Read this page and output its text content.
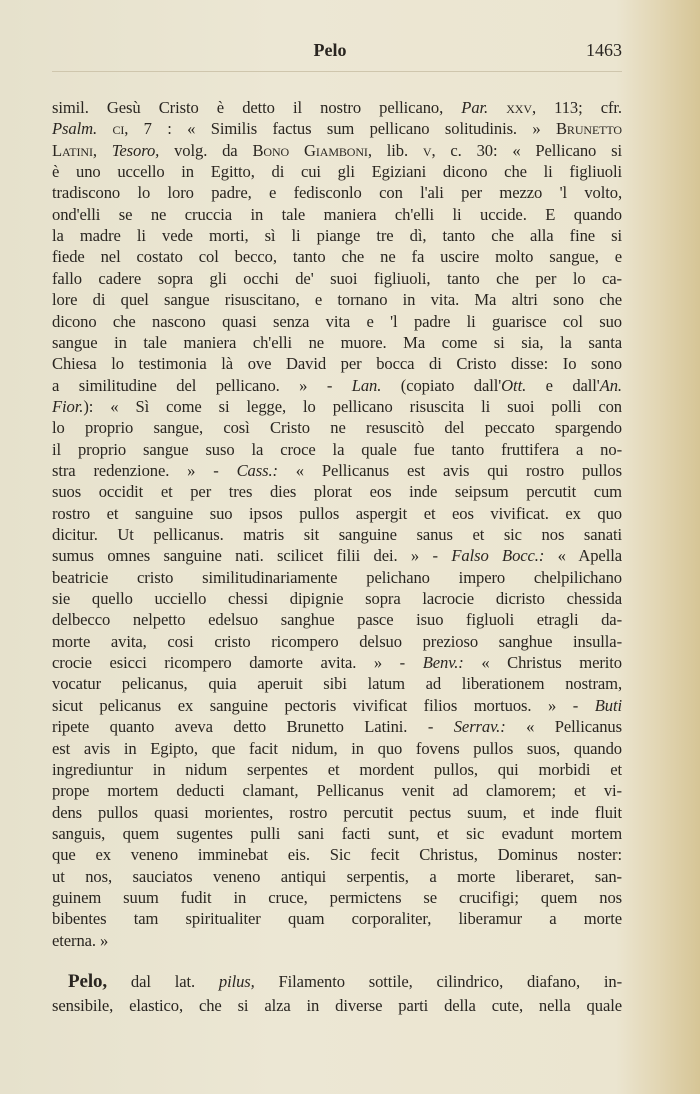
Pelo	1463
simil. Gesù Cristo è detto il nostro pellicano, Par. xxv, 113; cfr.
Psalm. ci, 7 : « Similis factus sum pellicano solitudinis. » Brunetto
Latini, Tesoro, volg. da Bono Giamboni, lib. v, c. 30: « Pellicano si
è uno uccello in Egitto, di cui gli Egiziani dicono che li figliuoli
tradiscono lo loro padre, e fedisconlo con l'ali per mezzo 'l volto,
ond'elli se ne cruccia in tale maniera ch'elli li uccide. E quando
la madre li vede morti, sì li piange tre dì, tanto che alla fine si
fiede nel costato col becco, tanto che ne fa uscire molto sangue, e
fallo cadere sopra gli occhi de' suoi figliuoli, tanto che per lo ca-
lore di quel sangue risuscitano, e tornano in vita. Ma altri sono che
dicono che nascono quasi senza vita e 'l padre li guarisce col suo
sangue in tale maniera ch'elli ne muore. Ma come si sia, la santa
Chiesa lo testimonia là ove David per bocca di Cristo disse: Io sono
a similitudine del pellicano. » - Lan. (copiato dall'Ott. e dall'An.
Fior.): « Sì come si legge, lo pellicano risuscita li suoi polli con
lo proprio sangue, così Cristo ne resuscitò del peccato spargendo
il proprio sangue suso la croce la quale fue tanto fruttifera a no-
stra redenzione. » - Cass.: « Pellicanus est avis qui rostro pullos
suos occidit et per tres dies plorat eos inde seipsum percutit cum
rostro et sanguine suo ipsos pullos aspergit et eos vivificat. ex quo
dicitur. Ut pellicanus. matris sit sanguine sanus et sic nos sanati
sumus omnes sanguine nati. scilicet filii dei. » - Falso Bocc.: « Apella
beatricie cristo similitudinariamente pelichano impero chelpilichano
sie quello ucciello chessi dipignie sopra lacrocie dicristo chessida
delbecco nelpetto edelsuo sanghue pasce isuo figluoli etragli da-
morte avita, cosi cristo ricompero delsuo prezioso sanghue insulla-
crocie esicci ricompero damorte avita. » - Benv.: « Christus merito
vocatur pelicanus, quia aperuit sibi latum ad liberationem nostram,
sicut pelicanus ex sanguine pectoris vivificat filios mortuos. » - Buti
ripete quanto aveva detto Brunetto Latini. - Serrav.: « Pellicanus
est avis in Egipto, que facit nidum, in quo fovens pullos suos, quando
ingrediuntur in nidum serpentes et mordent pullos, qui morbidi et
prope mortem deducti clamant, Pellicanus venit ad clamorem; et vi-
dens pullos quasi morientes, rostro percutit pectus suum, et inde fluit
sanguis, quem sugentes pulli sani facti sunt, et sic evadunt mortem
que ex veneno imminebat eis. Sic fecit Christus, Dominus noster:
ut nos, sauciatos veneno antiqui serpentis, a morte liberaret, san-
guinem suum fudit in cruce, permictens se crucifigi; quem nos
bibentes tam spiritualiter quam corporaliter, liberamur a morte
eterna. »
Pelo, dal lat. pilus, Filamento sottile, cilindrico, diafano, in-
sensibile, elastico, che si alza in diverse parti della cute, nella quale
